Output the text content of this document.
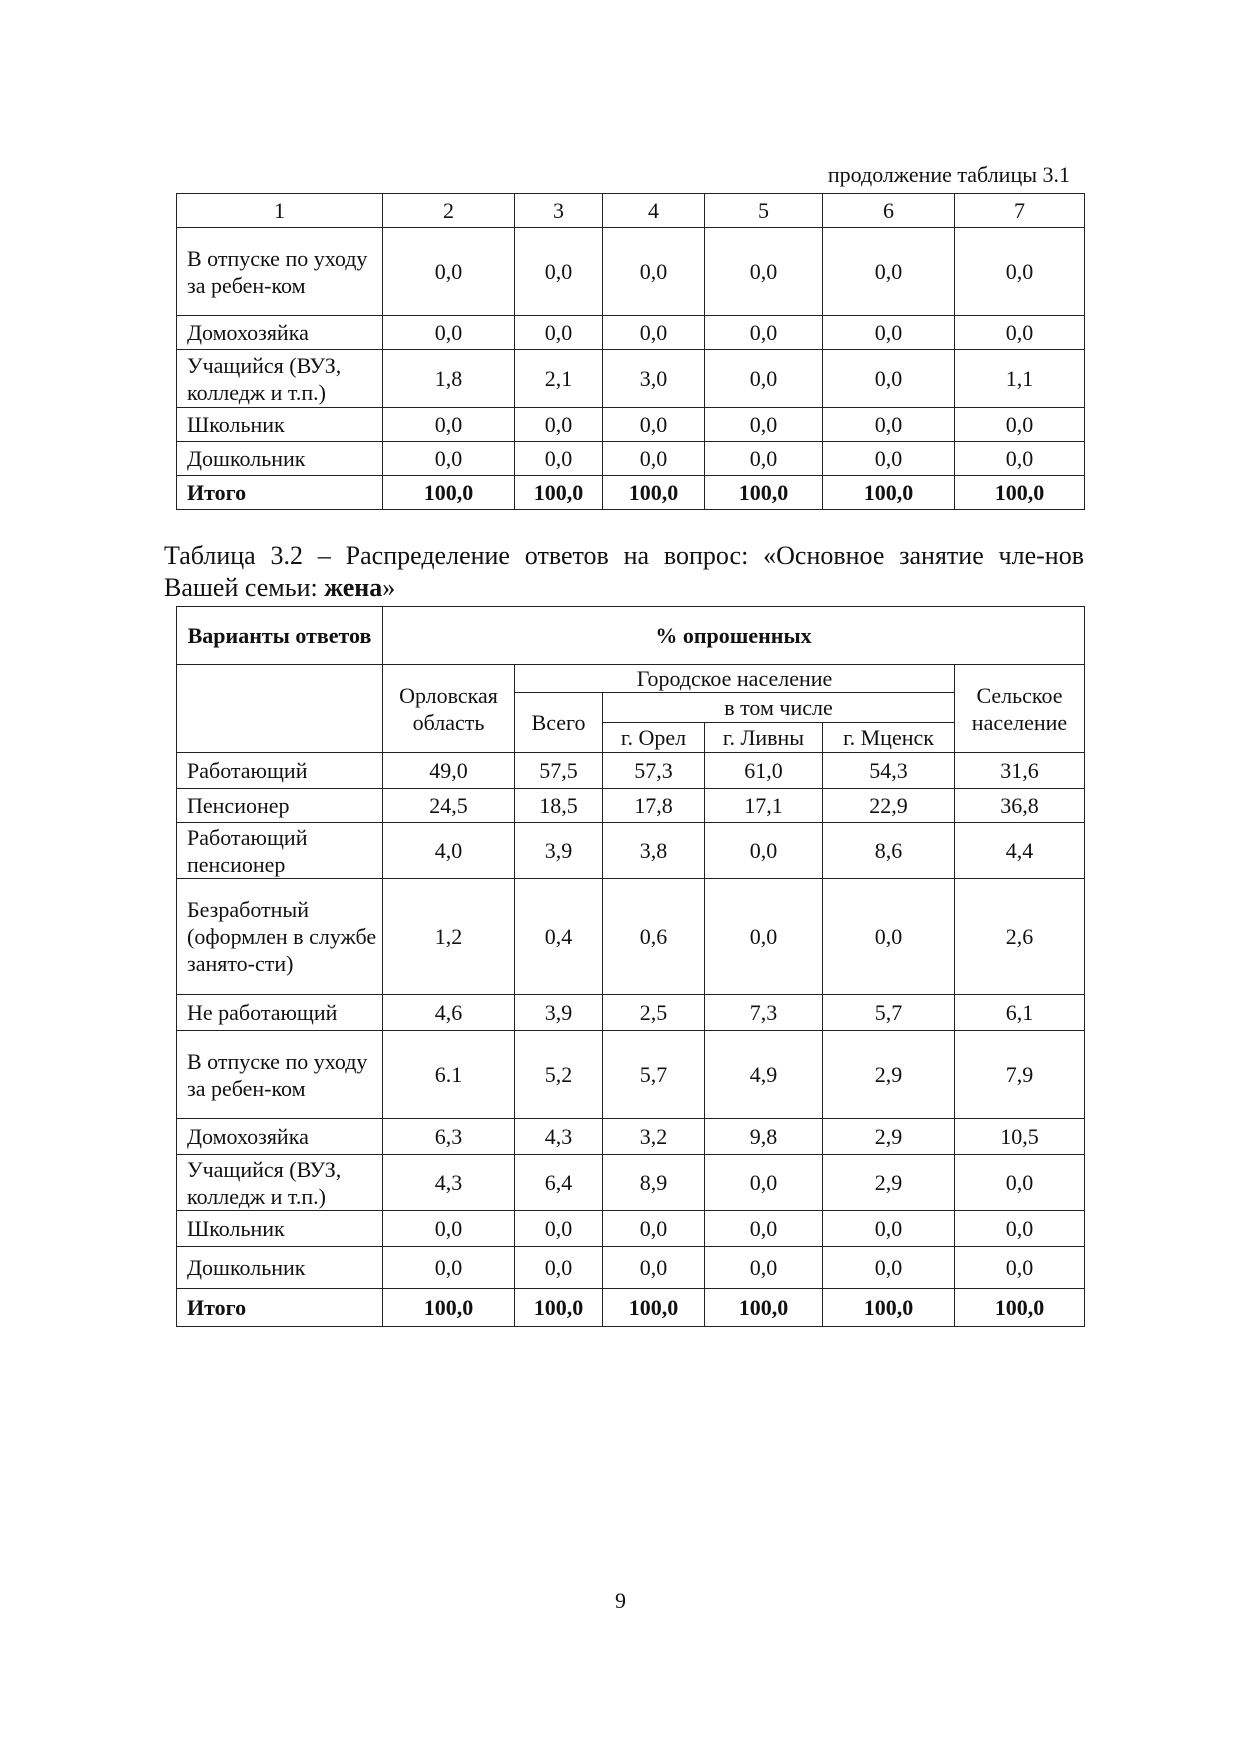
продолжение таблицы 3.1
1	2	3	4	5	6	7
В отпуске по уходу за ребен-ком	0,0	0,0	0,0	0,0	0,0	0,0
Домохозяйка	0,0	0,0	0,0	0,0	0,0	0,0
Учащийся (ВУЗ, колледж и т.п.)	1,8	2,1	3,0	0,0	0,0	1,1
Школьник	0,0	0,0	0,0	0,0	0,0	0,0
Дошкольник	0,0	0,0	0,0	0,0	0,0	0,0
Итого	100,0	100,0	100,0	100,0	100,0	100,0
Таблица 3.2 – Распределение ответов на вопрос: «Основное занятие чле-нов Вашей семьи: жена»
Варианты ответов	% опрошенных					
	Орловская область	Городское население				Сельское население
		Всего	в том числе			
			г. Орел	г. Ливны	г. Мценск	
Работающий	49,0	57,5	57,3	61,0	54,3	31,6
Пенсионер	24,5	18,5	17,8	17,1	22,9	36,8
Работающий пенсионер	4,0	3,9	3,8	0,0	8,6	4,4
Безработный (оформлен в службе занято-сти)	1,2	0,4	0,6	0,0	0,0	2,6
Не работающий	4,6	3,9	2,5	7,3	5,7	6,1
В отпуске по уходу за ребен-ком	6.1	5,2	5,7	4,9	2,9	7,9
Домохозяйка	6,3	4,3	3,2	9,8	2,9	10,5
Учащийся (ВУЗ, колледж и т.п.)	4,3	6,4	8,9	0,0	2,9	0,0
Школьник	0,0	0,0	0,0	0,0	0,0	0,0
Дошкольник	0,0	0,0	0,0	0,0	0,0	0,0
Итого	100,0	100,0	100,0	100,0	100,0	100,0
9
